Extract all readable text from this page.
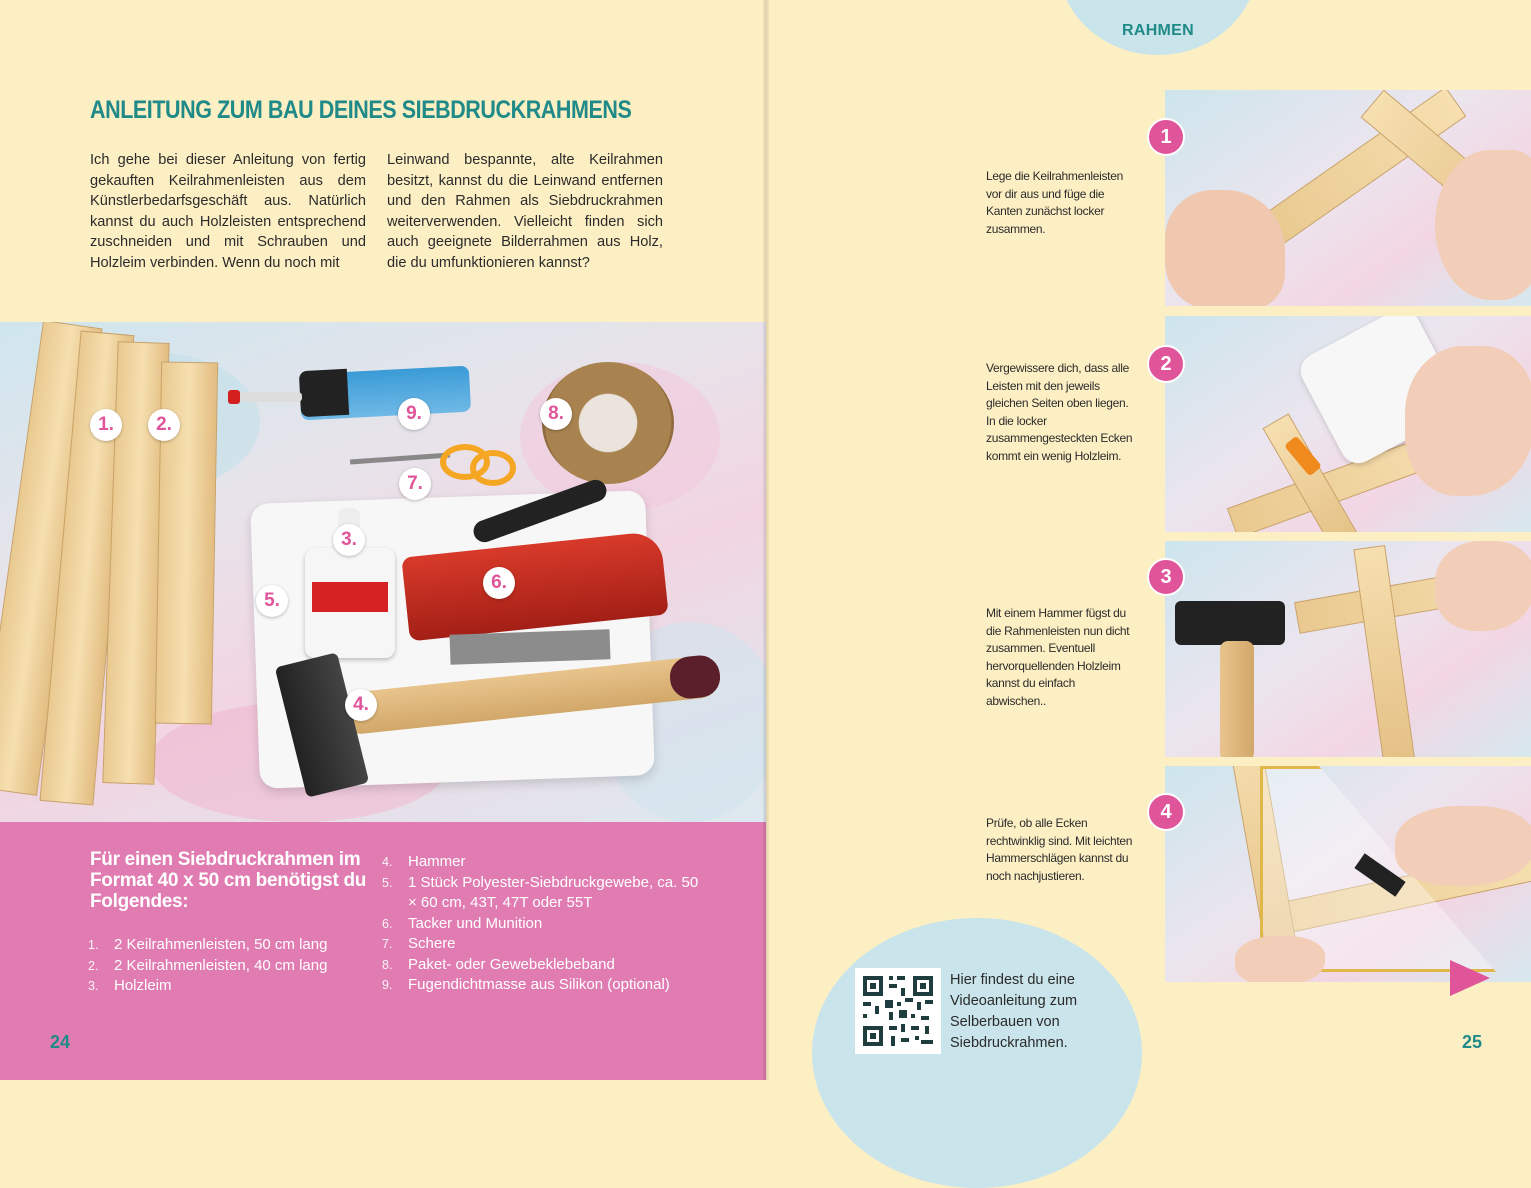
ANLEITUNG ZUM BAU DEINES SIEBDRUCKRAHMENS

Ich gehe bei dieser Anleitung von fertig gekauften Keilrahmenleisten aus dem Künstlerbedarfsgeschäft aus. Natürlich kannst du auch Holzleisten entsprechend zuschneiden und mit Schrauben und Holzleim verbinden. Wenn du noch mit

Leinwand bespannte, alte Keilrahmen besitzt, kannst du die Leinwand entfernen und den Rahmen als Siebdruckrahmen weiterverwenden. Vielleicht finden sich auch geeignete Bilderrahmen aus Holz, die du umfunktionieren kannst?

1.	2.
3.
4.
5.
6.
7.
8.
9.
Für einen Siebdruckrahmen im Format 40 x 50 cm benötigst du Folgendes:
1. 2 Keilrahmenleisten, 50 cm lang
2. 2 Keilrahmenleisten, 40 cm lang
3. Holzleim
4. Hammer
5. 1 Stück Polyester-Siebdruckgewebe, ca. 50 × 60 cm, 43T, 47T oder 55T
6. Tacker und Munition
7. Schere
8. Paket- oder Gewebeklebeband
9. Fugendichtmasse aus Silikon (optional)
RAHMEN
1

Lege die Keilrahmenleisten vor dir aus und füge die Kanten zunächst locker zusammen.

2

Vergewissere dich, dass alle Leisten mit den jeweils gleichen Seiten oben liegen. In die locker zusammengesteckten Ecken kommt ein wenig Holzleim.

3

Mit einem Hammer fügst du die Rahmenleisten nun dicht zusammen. Eventuell hervorquellenden Holzleim kannst du einfach abwischen..

4

Prüfe, ob alle Ecken rechtwinklig sind. Mit leichten Hammerschlägen kannst du noch nachjustieren.

Hier findest du eine Videoanleitung zum Selberbauen von Siebdruckrahmen.

24	25
